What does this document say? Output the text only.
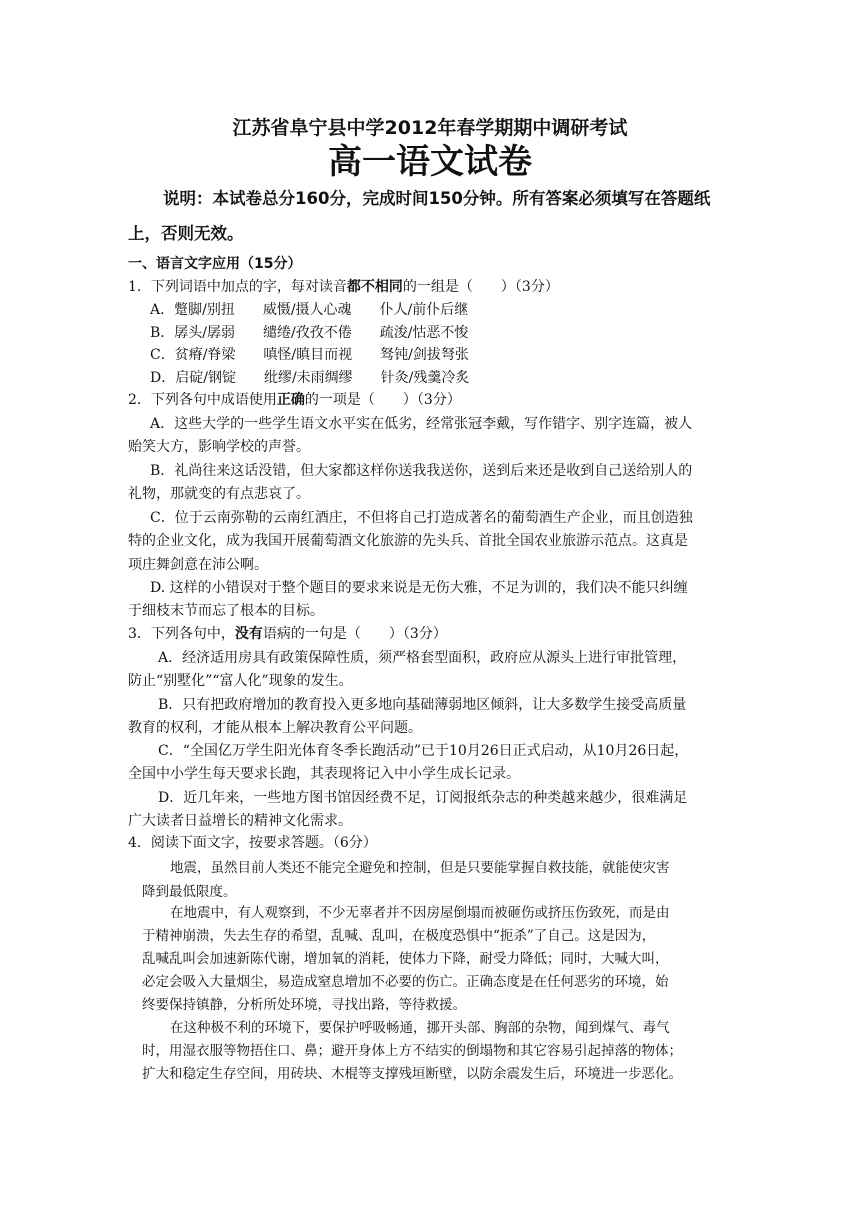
江苏省阜宁县中学2012年春学期期中调研考试
高一语文试卷

说明：本试卷总分160分，完成时间150分钟。所有答案必须填写在答题纸

上，否则无效。

一、语言文字应用（15分）

1．下列词语中加点的字，每对读音都不相同的一组是（　　）（3分）

A．蹩脚/别扭　　威慑/摄人心魂　　仆人/前仆后继

B．孱头/孱弱　　缱绻/孜孜不倦　　疏浚/怙恶不悛

C．贫瘠/脊梁　　嗔怪/瞋目而视　　驽钝/剑拔弩张

D．启碇/钢锭　　纰缪/未雨绸缪　　针灸/残羹冷炙

2．下列各句中成语使用正确的一项是（　　）（3分）

A．这些大学的一些学生语文水平实在低劣，经常张冠李戴，写作错字、别字连篇，被人

贻笑大方，影响学校的声誉。

B．礼尚往来这话没错，但大家都这样你送我我送你，送到后来还是收到自己送给别人的

礼物，那就变的有点悲哀了。

C．位于云南弥勒的云南红酒庄，不但将自己打造成著名的葡萄酒生产企业，而且创造独

特的企业文化，成为我国开展葡萄酒文化旅游的先头兵、首批全国农业旅游示范点。这真是

项庄舞剑意在沛公啊。

D. 这样的小错误对于整个题目的要求来说是无伤大雅，不足为训的，我们决不能只纠缠

于细枝末节而忘了根本的目标。

3．下列各句中，没有语病的一句是（　　）（3分）

A．经济适用房具有政策保障性质，须严格套型面积，政府应从源头上进行审批管理，

防止“别墅化”“富人化”现象的发生。

B．只有把政府增加的教育投入更多地向基础薄弱地区倾斜，让大多数学生接受高质量

教育的权利，才能从根本上解决教育公平问题。

C．“全国亿万学生阳光体育冬季长跑活动”已于10月26日正式启动，从10月26日起，

全国中小学生每天要求长跑，其表现将记入中小学生成长记录。

D．近几年来，一些地方图书馆因经费不足，订阅报纸杂志的种类越来越少，很难满足

广大读者日益增长的精神文化需求。

4．阅读下面文字，按要求答题。（6分）

地震，虽然目前人类还不能完全避免和控制，但是只要能掌握自救技能，就能使灾害

降到最低限度。

在地震中，有人观察到，不少无辜者并不因房屋倒塌而被砸伤或挤压伤致死，而是由

于精神崩溃，失去生存的希望，乱喊、乱叫，在极度恐惧中“扼杀”了自己。这是因为，

乱喊乱叫会加速新陈代谢，增加氧的消耗，使体力下降，耐受力降低；同时，大喊大叫，

必定会吸入大量烟尘，易造成窒息增加不必要的伤亡。正确态度是在任何恶劣的环境，始

终要保持镇静，分析所处环境，寻找出路，等待救援。

在这种极不利的环境下，要保护呼吸畅通，挪开头部、胸部的杂物，闻到煤气、毒气

时，用湿衣服等物捂住口、鼻；避开身体上方不结实的倒塌物和其它容易引起掉落的物体；

扩大和稳定生存空间，用砖块、木棍等支撑残垣断壁，以防余震发生后，环境进一步恶化。
